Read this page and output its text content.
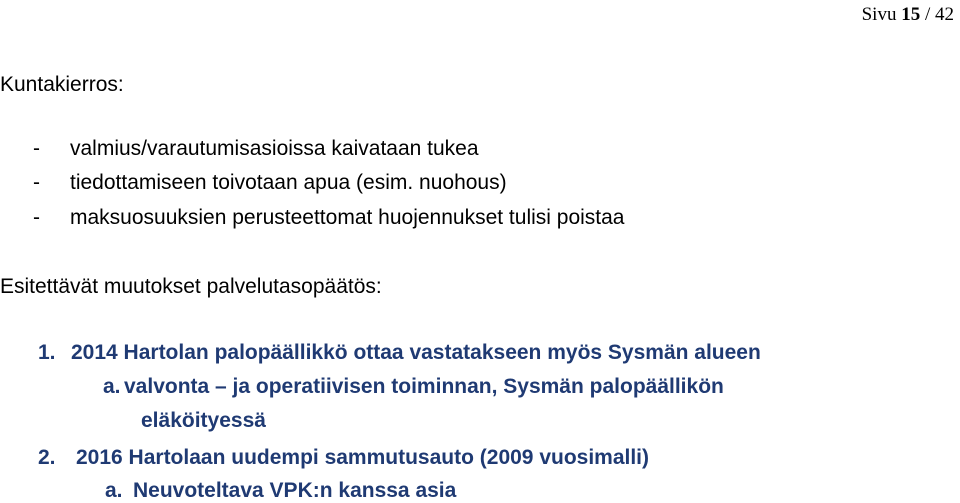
Sivu 15 / 42
Kuntakierros:
- valmius/varautumisasioissa kaivataan tukea
- tiedottamiseen toivotaan apua (esim. nuohous)
- maksuosuuksien perusteettomat huojennukset tulisi poistaa
Esitettävät muutokset palvelutasopäätös:
1. 2014 Hartolan palopäällikkö ottaa vastatakseen myös Sysmän alueen
a. valvonta – ja operatiivisen toiminnan, Sysmän palopäällikön
eläköityessä
2. 2016 Hartolaan uudempi sammutusauto (2009 vuosimalli)
a. Neuvoteltava VPK:n kanssa asia
